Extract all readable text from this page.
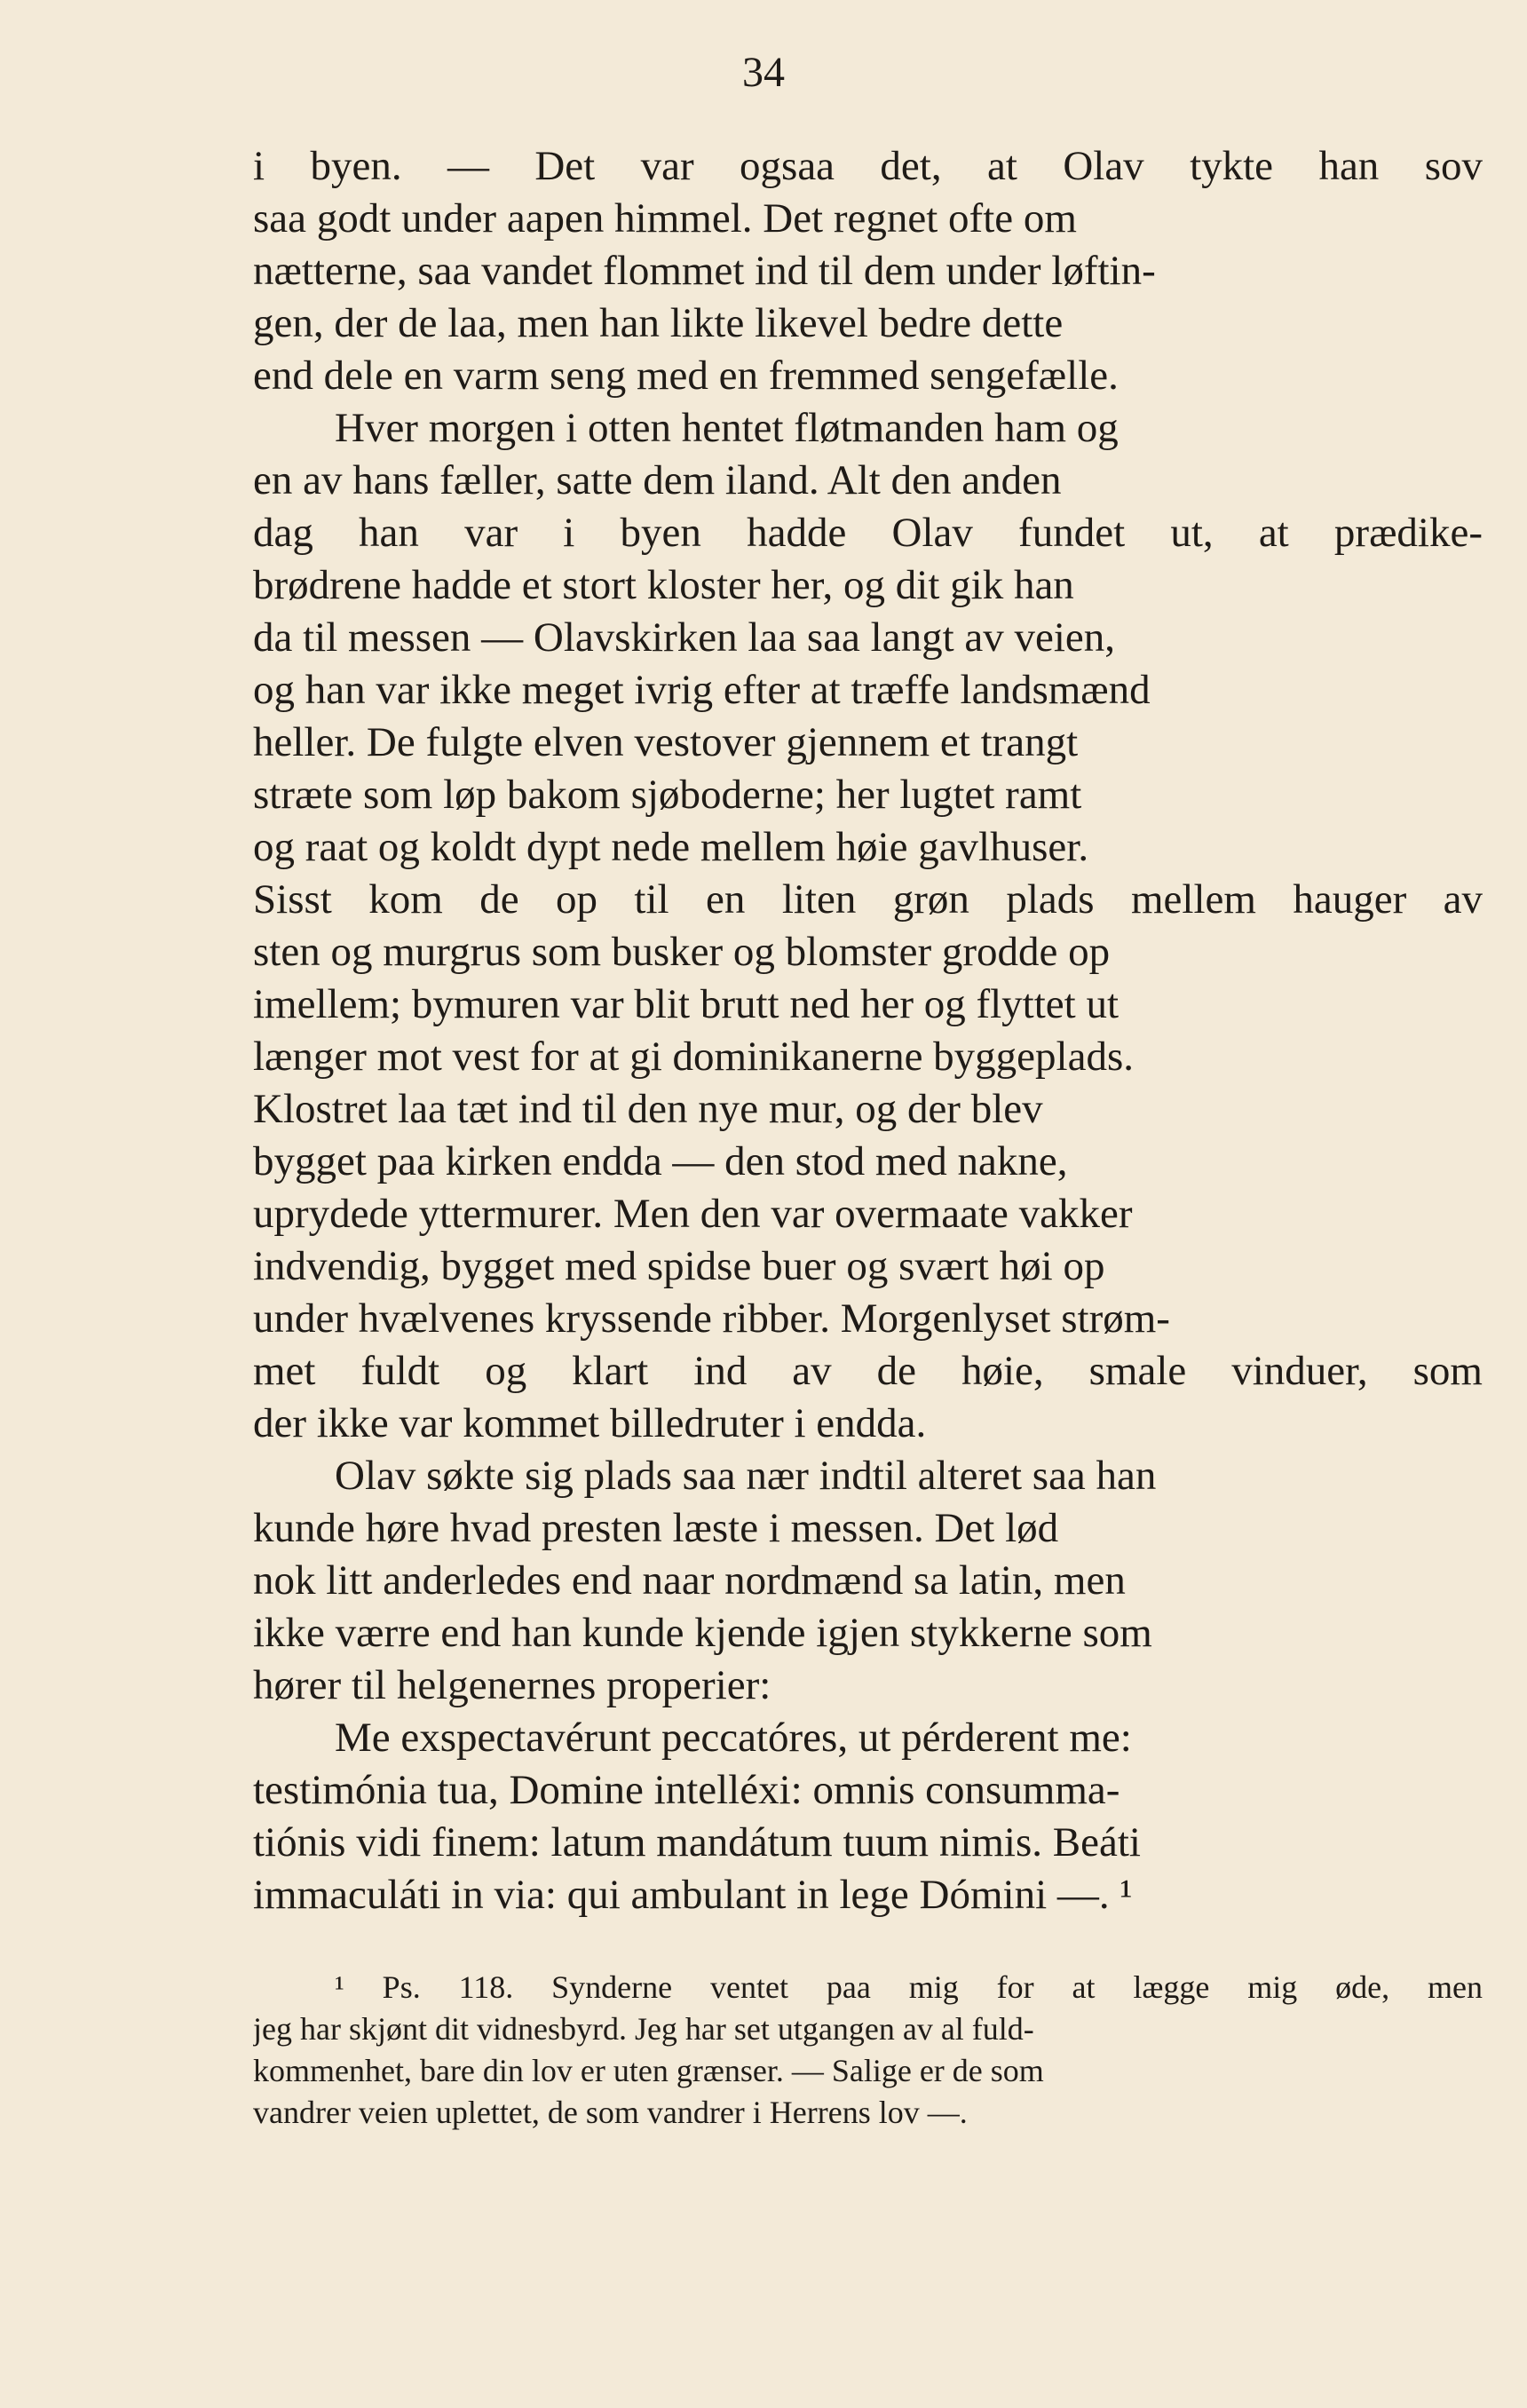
34
i byen. — Det var ogsaa det, at Olav tykte han sov
saa godt under aapen himmel. Det regnet ofte om
nætterne, saa vandet flommet ind til dem under løftin-
gen, der de laa, men han likte likevel bedre dette
end dele en varm seng med en fremmed sengefælle.
Hver morgen i otten hentet fløtmanden ham og
en av hans fæller, satte dem iland. Alt den anden
dag han var i byen hadde Olav fundet ut, at prædike-
brødrene hadde et stort kloster her, og dit gik han
da til messen — Olavskirken laa saa langt av veien,
og han var ikke meget ivrig efter at træffe landsmænd
heller. De fulgte elven vestover gjennem et trangt
stræte som løp bakom sjøboderne; her lugtet ramt
og raat og koldt dypt nede mellem høie gavlhuser.
Sisst kom de op til en liten grøn plads mellem hauger av
sten og murgrus som busker og blomster grodde op
imellem; bymuren var blit brutt ned her og flyttet ut
længer mot vest for at gi dominikanerne byggeplads.
Klostret laa tæt ind til den nye mur, og der blev
bygget paa kirken endda — den stod med nakne,
uprydede yttermurer. Men den var overmaate vakker
indvendig, bygget med spidse buer og svært høi op
under hvælvenes kryssende ribber. Morgenlyset strøm-
met fuldt og klart ind av de høie, smale vinduer, som
der ikke var kommet billedruter i endda.
Olav søkte sig plads saa nær indtil alteret saa han
kunde høre hvad presten læste i messen. Det lød
nok litt anderledes end naar nordmænd sa latin, men
ikke værre end han kunde kjende igjen stykkerne som
hører til helgenernes properier:
Me exspectavérunt peccatóres, ut pérderent me:
testimónia tua, Domine intelléxi: omnis consumma-
tiónis vidi finem: latum mandátum tuum nimis. Beáti
immaculáti in via: qui ambulant in lege Dómini —. ¹
¹ Ps. 118. Synderne ventet paa mig for at lægge mig øde, men
jeg har skjønt dit vidnesbyrd. Jeg har set utgangen av al fuld-
kommenhet, bare din lov er uten grænser. — Salige er de som
vandrer veien uplettet, de som vandrer i Herrens lov —.
